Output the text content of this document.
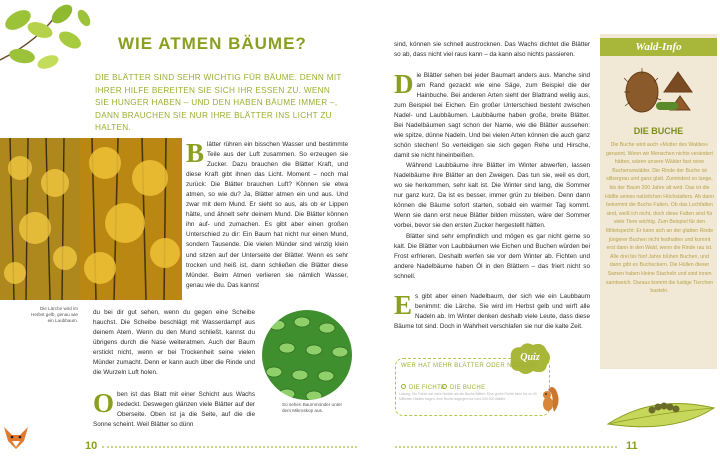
WIE ATMEN BÄUME?
DIE BLÄTTER SIND SEHR WICHTIG FÜR BÄUME. DENN MIT IHRER HILFE BEREITEN SIE SICH IHR ESSEN ZU. WENN SIE HUNGER HABEN – UND DEN HABEN BÄUME IMMER –, DANN BRAUCHEN SIE NUR IHRE BLÄTTER INS LICHT ZU HALTEN.
Die Lärche wird im Herbst gelb, genau wie ein Laubbaum.
Blätter rühren ein bisschen Wasser und bestimmte Teile aus der Luft zusammen. So erzeugen sie Zucker. Dazu brauchen die Blätter Kraft, und diese Kraft gibt ihnen das Licht. Moment – noch mal zurück: Die Blätter brauchen Luft? Können sie etwa atmen, so wie du? Ja, Blätter atmen ein und aus. Und zwar mit dem Mund. Er sieht so aus, als ob er Lippen hätte, und ähnelt sehr deinem Mund. Die Blätter können ihn auf- und zumachen. Es gibt aber einen großen Unterschied zu dir: Ein Baum hat nicht nur einen Mund, sondern Tausende. Die vielen Münder sind winzig klein und sitzen auf der Unterseite der Blätter. Wenn es sehr trocken und heiß ist, dann schließen die Blätter diese Münder. Beim Atmen verlieren sie nämlich Wasser, genau wie du. Das kannst
du bei dir gut sehen, wenn du gegen eine Scheibe hauchst. Die Scheibe beschlägt mit Wasserdampf aus deinem Atem. Wenn du den Mund schließt, kannst du übrigens durch die Nase weiteratmen. Auch der Baum erstickt nicht, wenn er bei Trockenheit seine vielen Münder zumacht. Denn er kann auch über die Rinde und die Wurzeln Luft holen.
Oben ist das Blatt mit einer Schicht aus Wachs bedeckt. Deswegen glänzen viele Blätter auf der Oberseite. Oben ist ja die Seite, auf die die Sonne scheint. Weil Blätter so dünn
So sehen Baummünder unter dem Mikroskop aus.
10
sind, können sie schnell austrocknen. Das Wachs dichtet die Blätter so ab, dass nicht viel raus kann – da kann also nichts passieren.
Die Blätter sehen bei jeder Baumart anders aus. Manche sind am Rand gezackt wie eine Säge, zum Beispiel die der Hainbuche. Bei anderen Arten sieht der Blattrand wellig aus, zum Beispiel bei Eichen. Ein großer Unterschied besteht zwischen Nadel- und Laubbäumen. Laubbäume haben große, breite Blätter. Bei Nadelbäumen sagt schon der Name, wie die Blätter aussehen: wie spitze, dünne Nadeln. Und bei vielen Arten können die auch ganz schön stechen! So verteidigen sie sich gegen Rehe und Hirsche, damit sie nicht hineinbeißen.
Während Laubbäume ihre Blätter im Winter abwerfen, lassen Nadelbäume ihre Blätter an den Zweigen. Das tun sie, weil es dort, wo sie herkommen, sehr kalt ist. Die Winter sind lang, die Sommer nur ganz kurz. Da ist es besser, immer grün zu bleiben. Denn dann können die Bäume sofort starten, sobald ein warmer Tag kommt. Wenn sie dann erst neue Blätter bilden müssten, wäre der Sommer vorbei, bevor sie den ersten Zucker hergestellt hätten.
Blätter sind sehr empfindlich und mögen es gar nicht gerne so kalt. Die Blätter von Laubbäumen wie Eichen und Buchen würden bei Frost erfrieren. Deshalb werfen sie vor dem Winter ab. Fichten und andere Nadelbäume haben Öl in den Blättern – das friert nicht so schnell.
Es gibt aber einen Nadelbaum, der sich wie ein Laubbaum benimmt: die Lärche. Sie wird im Herbst gelb und wirft alle Nadeln ab. Im Winter denken deshalb viele Leute, dass diese Bäume tot sind. Doch in Wahrheit verschlafen sie nur die kalte Zeit.
Quiz
WER HAT MEHR BLÄTTER ODER NADELN?
DIE FICHTE DIE BUCHE
Lösung: Die Fichte hat mehr Nadeln als die Buche Blätter. Eine große Fichte kann bis zu 40 Millionen Nadeln tragen, eine Buche dagegen nur rund 600.000 Blätter.
Wald-Info
DIE BUCHE
Die Buche wird auch »Mutter des Waldes« genannt. Wenn wir Menschen nichts verändert hätten, wären unsere Wälder fast reine Buchenurwälder. Die Rinde der Buche ist silbergrau und ganz glatt. Zumindest so lange, bis der Baum 200 Jahre alt wird. Das ist die Hälfte seines natürlichen Höchstalters. Ab dann bekommt die Buche Falten. Ob das Lochfalten sind, weiß ich nicht, doch diese Falten sind für viele Tiere wichtig. Zum Beispiel für den Mittelspecht: Er kann sich an der glatten Rinde jüngerer Buchen nicht festhalten und kommt erst dann in den Wald, wenn die Rinde rau ist. Alle drei bis fünf Jahre blühen Buchen, und dann gibt es Bucheckern. Die Hüllen dieser Samen haben kleine Stacheln und sind innen samtweich. Daraus kommt die lustige Tierchen basteln.
11
